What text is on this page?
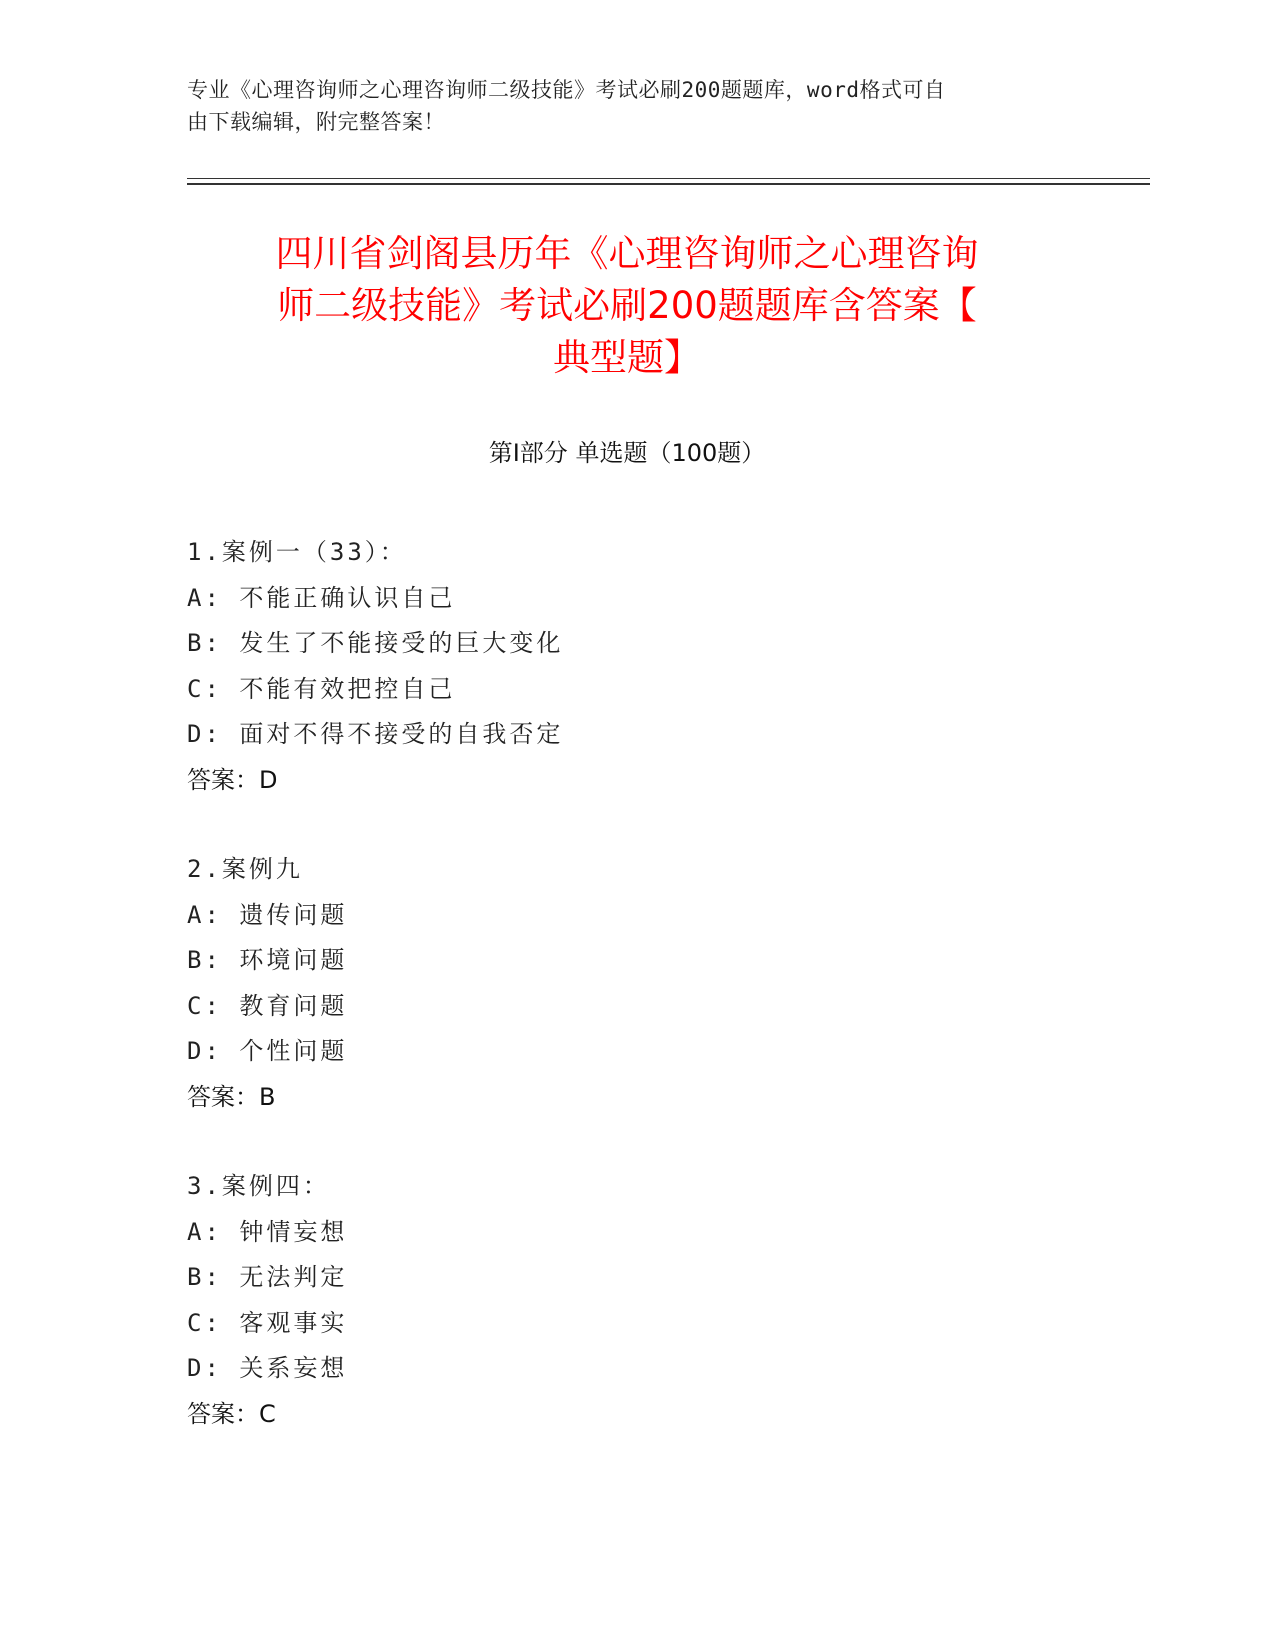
专业《心理咨询师之心理咨询师二级技能》考试必刷200题题库，word格式可自
由下载编辑，附完整答案！
四川省剑阁县历年《心理咨询师之心理咨询
师二级技能》考试必刷200题题库含答案【
典型题】
第I部分 单选题（100题）
1.案例一（33）：
A: 不能正确认识自己
B: 发生了不能接受的巨大变化
C: 不能有效把控自己
D: 面对不得不接受的自我否定
答案：D
2.案例九
A: 遗传问题
B: 环境问题
C: 教育问题
D: 个性问题
答案：B
3.案例四：
A: 钟情妄想
B: 无法判定
C: 客观事实
D: 关系妄想
答案：C
